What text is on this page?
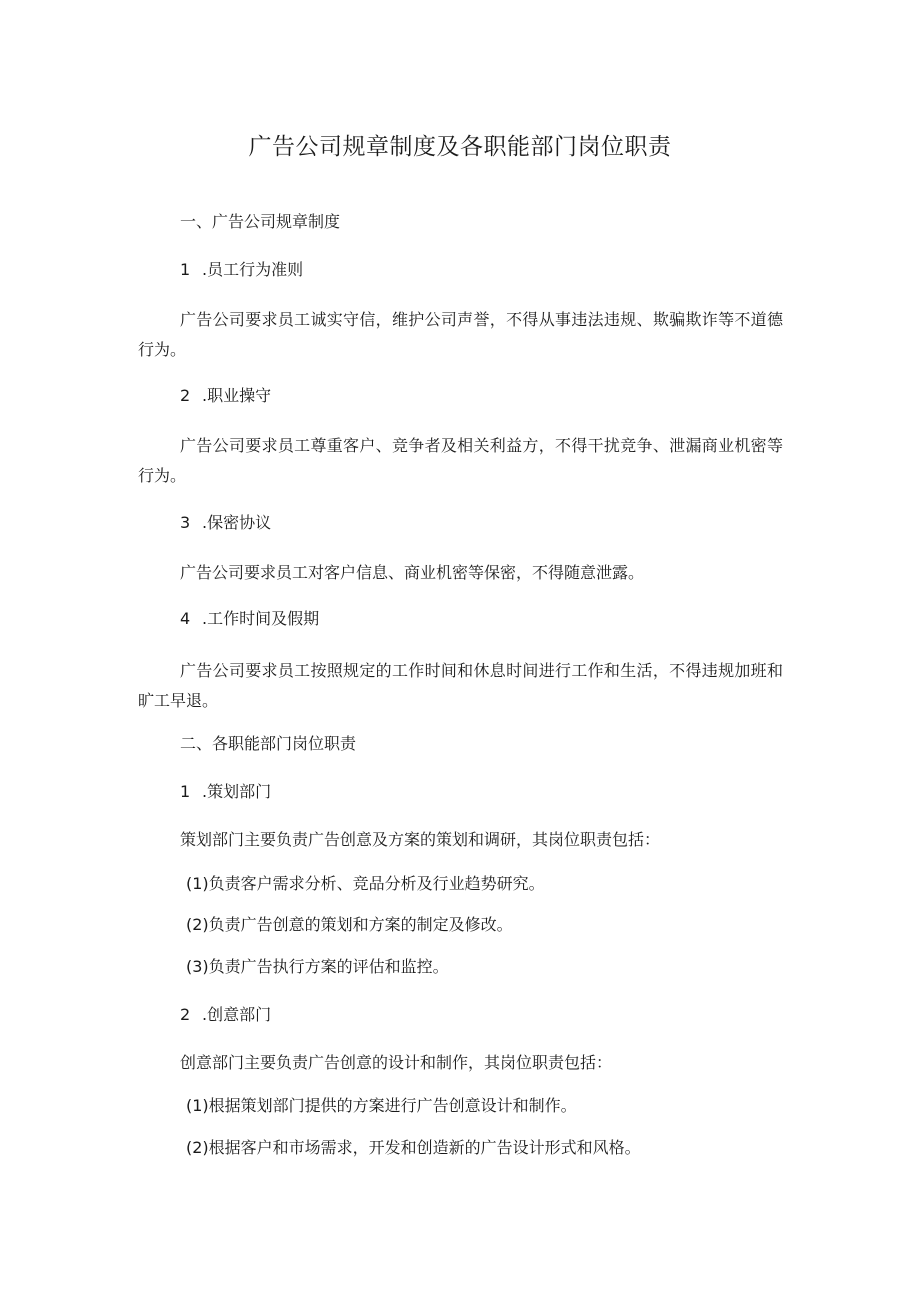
广告公司规章制度及各职能部门岗位职责

一、广告公司规章制度

1 .员工行为准则

广告公司要求员工诚实守信，维护公司声誉，不得从事违法违规、欺骗欺诈等不道德行为。

2 .职业操守

广告公司要求员工尊重客户、竞争者及相关利益方，不得干扰竞争、泄漏商业机密等行为。

3 .保密协议

广告公司要求员工对客户信息、商业机密等保密，不得随意泄露。

4 .工作时间及假期

广告公司要求员工按照规定的工作时间和休息时间进行工作和生活，不得违规加班和旷工早退。

二、各职能部门岗位职责

1 .策划部门

策划部门主要负责广告创意及方案的策划和调研，其岗位职责包括：

(1)负责客户需求分析、竞品分析及行业趋势研究。

(2)负责广告创意的策划和方案的制定及修改。

(3)负责广告执行方案的评估和监控。

2 .创意部门

创意部门主要负责广告创意的设计和制作，其岗位职责包括：

(1)根据策划部门提供的方案进行广告创意设计和制作。

(2)根据客户和市场需求，开发和创造新的广告设计形式和风格。
